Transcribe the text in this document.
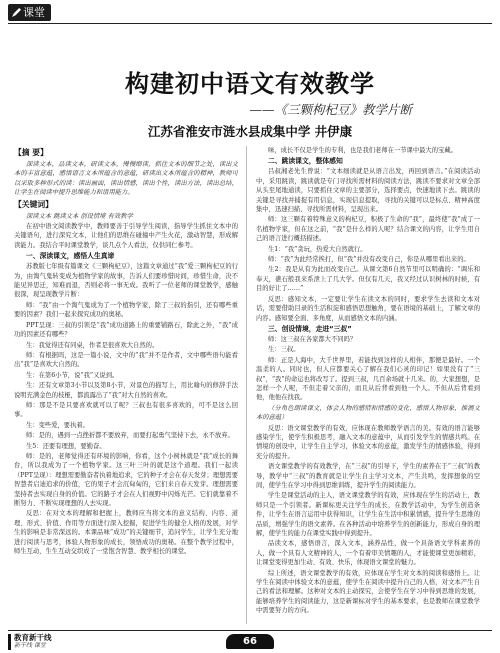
课堂
构建初中语文有效教学
——《三颗枸杞豆》教学片断
江苏省淮安市涟水县成集中学 井伊康
【摘 要】

深读文本，品读文本，研读文本，慢慢细读，抓住文本的细节之处，读出文本的丰富意蕴，感悟语言文本所蕴含的意蕴，研读出文本所蕴含的精神，教师可以采取多种形式的读：读出画面，读出情感，读出个性，读出方法，读出总结，让学生在阅读中提升思维能力和语用能力。

【关键词】

深读文本 跳读文本 创设情境 有效教学

在初中语文阅读教学中，教师要善于引导学生阅读，指导学生抓住文本中的关键语句，进行深究文本，让他们的思维在碰撞中产生火花，激动智慧，形成解读能力。我结合平时课堂教学，谈几点个人看法，仅供同仁参考。

一、深读课文，感悟人生真谛

苏教版七年级有篇课文《三颗枸杞豆》，这篇文章通过“我”爱三颗枸杞豆的行为，由淘气鬼转变成为植物学家的故事，告诉人们要珍惜时间，珍惜生命，决不能见异思迁，知难而退，否则必将一事无成。我听了一位老师的课堂教学，感触很深，现呈现教学片断：

师：“我”由一个淘气鬼成为了一个植物学家，除了三叔的指引，还有哪些重要的因素？我们一起来探究成功的奥秘。

PPT呈现：三叔的引领是“我”成功道路上的重要铺路石，除此之外，“我”成功的因素还有哪些？

生：我觉得还有同桌，作者是很喜欢大自然的。

师：有根据吗，这是一篇小说，文中的“我”并不是作者，文中哪些语句能看出“我”是喜欢大自然的。

生：在第6小节，说“我”又说到。

生：还有文章第3小节以及第8小节，对景色的描写上，用比喻句的修辞手法说明充满金色的枝桠，都流露出了“我”对大自然的喜欢。

师：那是不是只要喜欢就可以了呢？三叔也有很多喜欢的，可不是这么回事。

生：变些爱，要执着。

师：是的，遇到一点挫折都不要放弃，而要打起勇气坚持下去，永不放弃。

生5：还要有理想，要勤奋。

师：是的，老师觉得还有环境的影响，你看，这个小树林就是“我”成长的舞台，所以我成为了一个植物学家。这三叶三叶的就是这个道理。我们一起读（PPT呈现）：理想需要勤奋者执着地追求，它的种子才会在春天发芽；理想需要智慧者启迪追求的价值，它的果子才会沉甸甸的，它们来自春天发芽。理想需要坚持者去实现自身的价值。它的路子才会在人们视野中闪烁光芒。它们就靠着不断努力、不断实现理想的人去实现。

反思：在对文本的理解和把握上，教师应当将文本的意义结构、内容、道理、形式、价值、作用等方面进行深入挖掘，促进学生的健全人格的发展，对学生的影响是非常深远的。本课品味“成功”的关键细节，追问学生，让学生充分地进行阅读与思考，体验人物形象的成长，领悟成功的奥秘。在整个教学过程中，师生互动、生生互动交织成了一堂饱含智慧、教学相长的课堂。

味，成长不仅是学生的专利，也是我们老师在一节课中最大的宝藏。

二、跳读课文，整体感知

吕叔湘老先生曾说：“文本细读就是从语言出发，再回到语言。”在阅读活动中，采用跳读，跳读就是专门寻找所需材料的阅读方法，跳读不要求对文章全部从头至尾地通读，只要抓住文章的主要部分，选择要点，快速地读下去。跳读的关键是寻找并捕捉有用信息，实现信息提取，寻找的关键可以是标点、精神高度集中，迅速扫描、寻找所需材料，呈现出来。

师：这三颗有着特殊意义的枸杞豆，积极了生命的“我”，最终使“我”成了一名植物学家，但在这之前，“我”是什么样的人呢？结合课文的内容，让学生用自己的语言进行概括描述。

生1：“我”贪玩，热爱大自然就行。

师：“我”为此经常挨打，但“我”并没有改变自己，你是从哪里看出来的。

生2：我是从有为此而改变自己。从课文第6自然节里可以明确的：“调乐和奉天，礁石般我来系泄上了几大学。但仅有几天，我又经过认识树林的时候，有目的好让了……”

反思：感知文本，一定要让学生在读文本的同时，要求学生去读和文本对话，需要借助目录的生活积淀和感悟思想触角，要在语境的基础上，了解文章的内容。感知要全面、多角度，从而感悟文本的内涵。

三、创设情境，走进“三叔”

师：这三叔在各家都大不同吗？

生：三叔。

师：正是人海中，大千世界里，若能找到这样的人相伴，那便是最好。一个温柔的人。同时也，但人应都要关心了解在我们心灵的印记！如果没有了“三叔”，“我”的命运也将改写了。提到三叔，几百余场就十几米。的，大家想想，是怎样一个人呢，不但走着父亲的，而且从后背看到他一个人。不但从后背看到他，他他在找我。

（分角色朗读课文，体会人物的感情和情感的变化，感悟人物形象，推测文本的意蕴）

反思：语文课堂教学的有效，应体现在教师教学语言的美。有效的语言能够感染学生，使学生积极思考，融入文本的意蕴中，从而引发学生的情感共鸣。在情境的创设中，让学生自主学习，体验文本的意蕴，激发学生的情感体验，得到充分的提升。

语文课堂教学的有效教学，在“三叔”的引导下，学生的素养在于“三叔”的教导，教学中“三叔”的教育就是让学生自主学习文本，产生共鸣，发挥想象的空间，使学生在学习中得到思维训练，提升学生的阅读能力。

学生是课堂活动的主人，语文课堂教学的有效，应体现在学生的活动上，教师只是一个引领者。新课标更关注学生的成长，在教学活动中，为学生创造条件，让学生在语言运用中获得知识，让学生在生活中积累情感，提升学生思维的品质，增强学生的语文素养。在各种活动中培养学生的创新能力，形成自身的理解，使学生的能力在课堂实践中得到提升。

品读文本，感悟语言，深入文本，涵养品性，做一个具备语文学科素养的人，做一个具有人文精神的人，一个有着审美情趣的人，才能使课堂更加精彩，让课堂变得更加生动、有效、快乐，体现语文课堂的魅力。

综上所述，语文课堂教学的有效，应体现在学生对文本的阅读和感悟上。让学生在阅读中体验文本的意蕴，使学生在阅读中提升自己的人格，对文本产生自己的看法和理解。这种对文本的主动探究，会使学生在学习中得到思维的发展，能够培养学生的阅读能力，这是新课标对学生的基本要求，也是教师在课堂教学中需要努力的方向。

教育新干线
新干线 课堂	66
